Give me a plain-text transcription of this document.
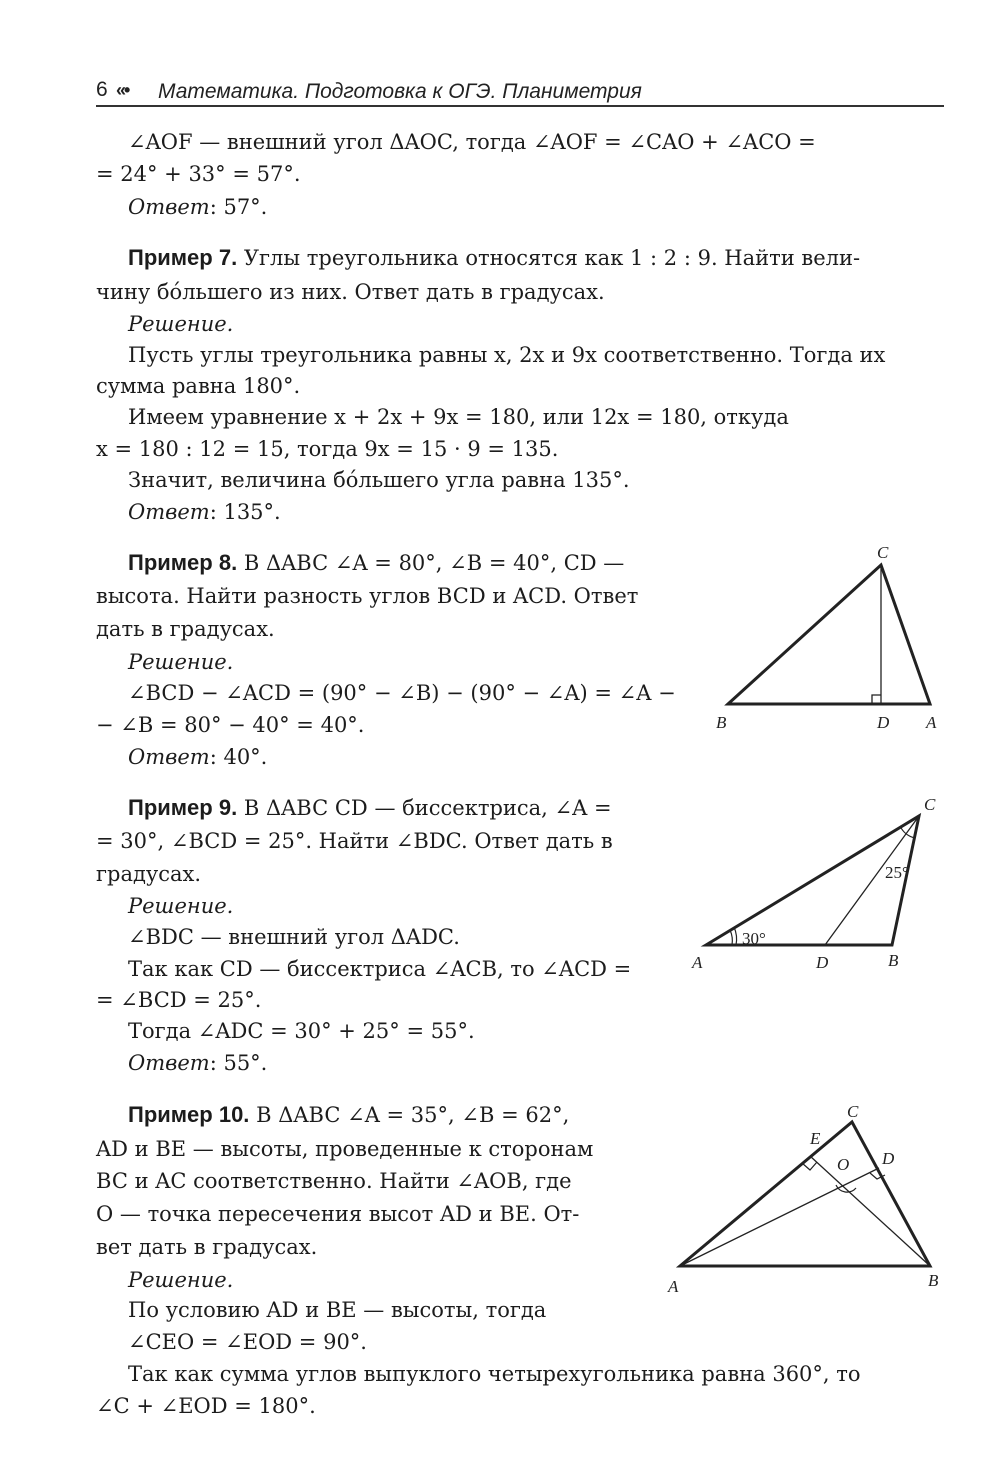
6 «• Математика. Подготовка к ОГЭ. Планиметрия
∠AOF — внешний угол ΔAOC, тогда ∠AOF = ∠CAO + ∠ACO =
= 24° + 33° = 57°.
Ответ: 57°.
Пример 7. Углы треугольника относятся как 1 : 2 : 9. Найти вели-
чину бо́льшего из них. Ответ дать в градусах.
Решение.
Пусть углы треугольника равны x, 2x и 9x соответственно. Тогда их
сумма равна 180°.
Имеем уравнение x + 2x + 9x = 180, или 12x = 180, откуда
x = 180 : 12 = 15, тогда 9x = 15 · 9 = 135.
Значит, величина бо́льшего угла равна 135°.
Ответ: 135°.
Пример 8. В ΔABC ∠A = 80°, ∠B = 40°, CD —
высота. Найти разность углов BCD и ACD. Ответ
дать в градусах.
Решение.
∠BCD − ∠ACD = (90° − ∠B) − (90° − ∠A) = ∠A −
− ∠B = 80° − 40° = 40°.
Ответ: 40°.
C
B	D A
Пример 9. В ΔABC CD — биссектриса, ∠A =
= 30°, ∠BCD = 25°. Найти ∠BDC. Ответ дать в
градусах.
Решение.
∠BDC — внешний угол ΔADC.
Так как CD — биссектриса ∠ACB, то ∠ACD =
= ∠BCD = 25°.
Тогда ∠ADC = 30° + 25° = 55°.
Ответ: 55°.
C
A	D	B
30°
25°
Пример 10. В ΔABC ∠A = 35°, ∠B = 62°,
AD и BE — высоты, проведенные к сторонам
BC и AC соответственно. Найти ∠AOB, где
O — точка пересечения высот AD и BE. От-
вет дать в градусах.
Решение.
По условию AD и BE — высоты, тогда
∠CEO = ∠EOD = 90°.
Так как сумма углов выпуклого четырехугольника равна 360°, то
∠C + ∠EOD = 180°.
C
E
O D
A	B
